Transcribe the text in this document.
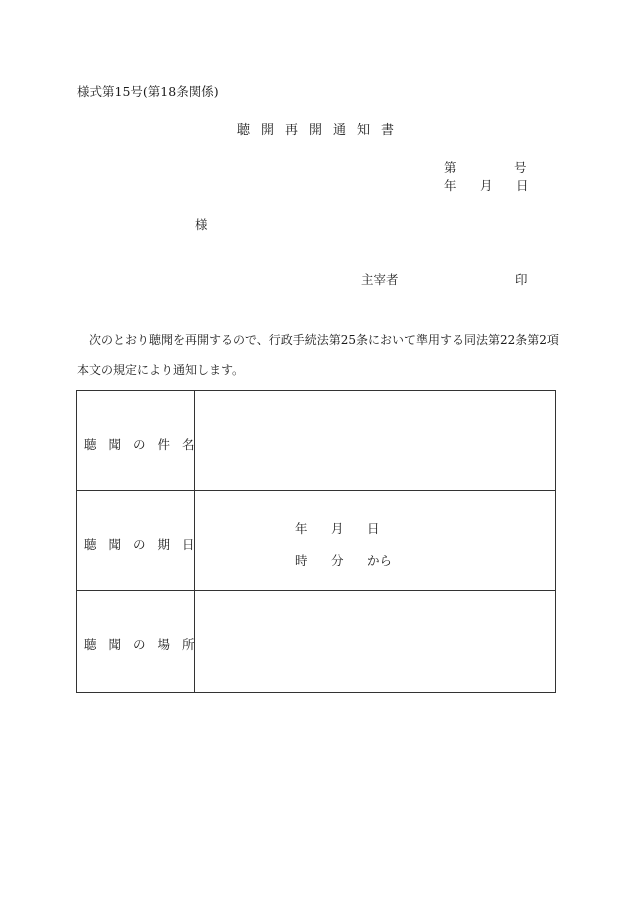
様式第15号(第18条関係)
聴開再開通知書
第	号
年 月 日
様
主宰者	印
次のとおり聴聞を再開するので、行政手続法第25条において準用する同法第22条第2項
本文の規定により通知します。
聴聞の件名
聴聞の期日
年 月 日
時 分 から
聴聞の場所
